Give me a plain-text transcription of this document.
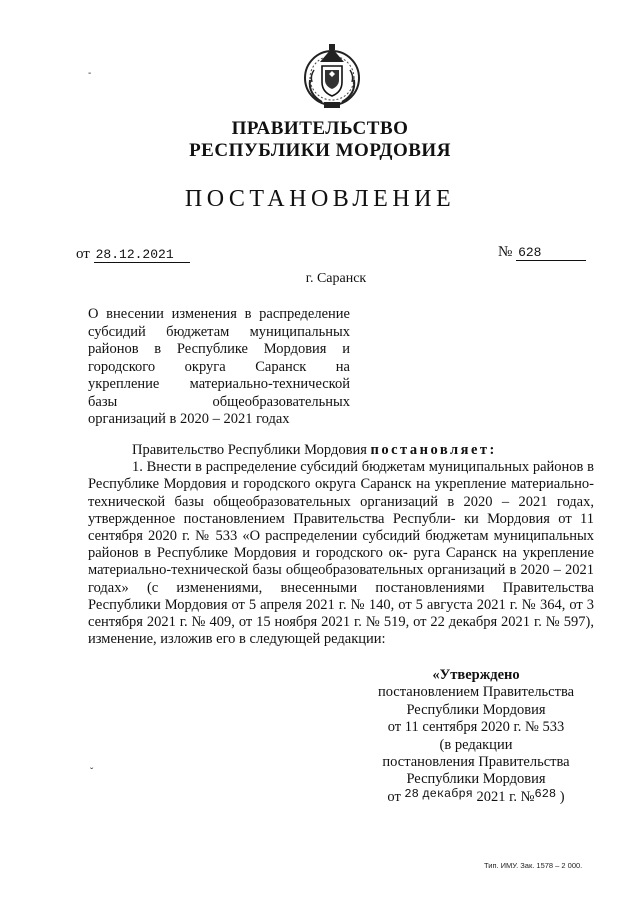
-
ˇ
ПРАВИТЕЛЬСТВО
РЕСПУБЛИКИ МОРДОВИЯ
ПОСТАНОВЛЕНИЕ
от 28.12.2021	№ 628
г. Саранск
О внесении изменения в распределение
субсидий бюджетам муниципальных
районов в Республике Мордовия и
городского округа Саранск на
укрепление материально-технической
базы общеобразовательных
организаций в 2020 – 2021 годах

Правительство Республики Мордовия постановляет:

1. Внести в распределение субсидий бюджетам муниципальных районов в Республике Мордовия и городского округа Саранск на укрепление материально-технической базы общеобразовательных организаций в 2020 – 2021 годах, утвержденное постановлением Правительства Республи- ки Мордовия от 11 сентября 2020 г. № 533 «О распределении субсидий бюджетам муниципальных районов в Республике Мордовия и городского ок- руга Саранск на укрепление материально-технической базы общеобразовательных организаций в 2020 – 2021 годах» (с изменениями, внесенными постановлениями Правительства Республики Мордовия от 5 апреля 2021 г. № 140, от 5 августа 2021 г. № 364, от 3 сентября 2021 г. № 409, от 15 ноября 2021 г. № 519, от 22 декабря 2021 г. № 597), изменение, изложив его в следующей редакции:

«Утверждено
постановлением Правительства
Республики Мордовия
от 11 сентября 2020 г. № 533
(в редакции
постановления Правительства
Республики Мордовия
от $^{28}$ $^{декабря}$ 2021 г. №$^{628}$ )
Тип. ИМУ. Зак. 1578 – 2 000.
